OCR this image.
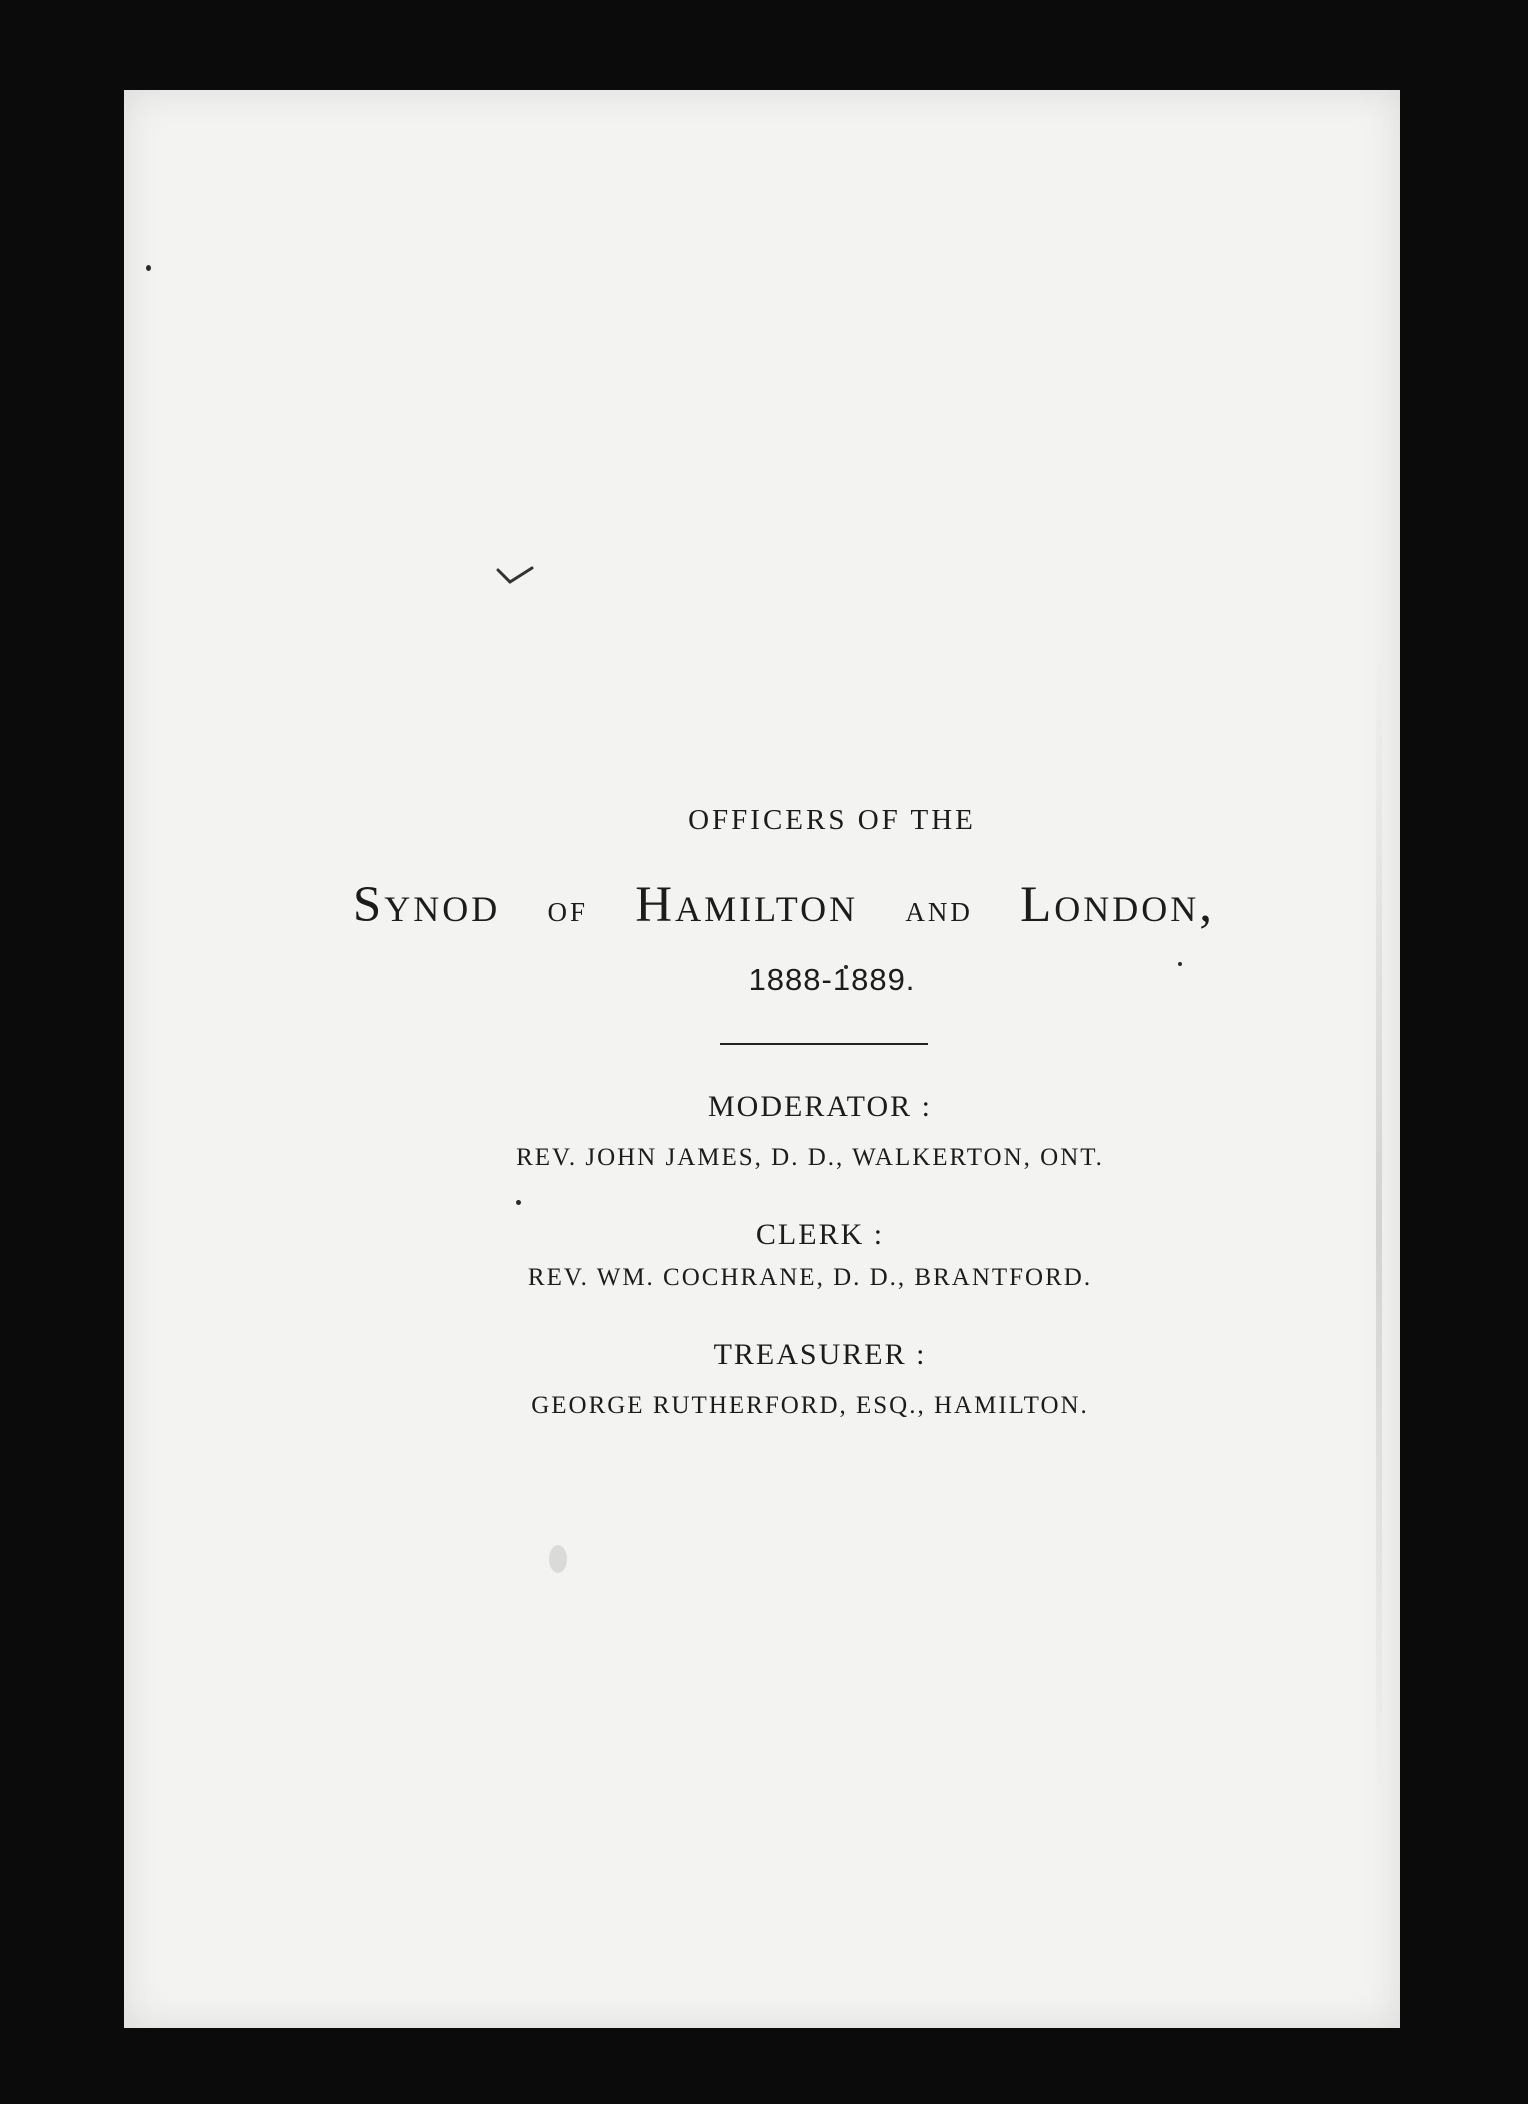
OFFICERS OF THE
Synod of Hamilton and London,
1888-1889.
MODERATOR :
REV. JOHN JAMES, D. D., WALKERTON, ONT.
CLERK :
REV. WM. COCHRANE, D. D., BRANTFORD.
TREASURER :
GEORGE RUTHERFORD, ESQ., HAMILTON.
